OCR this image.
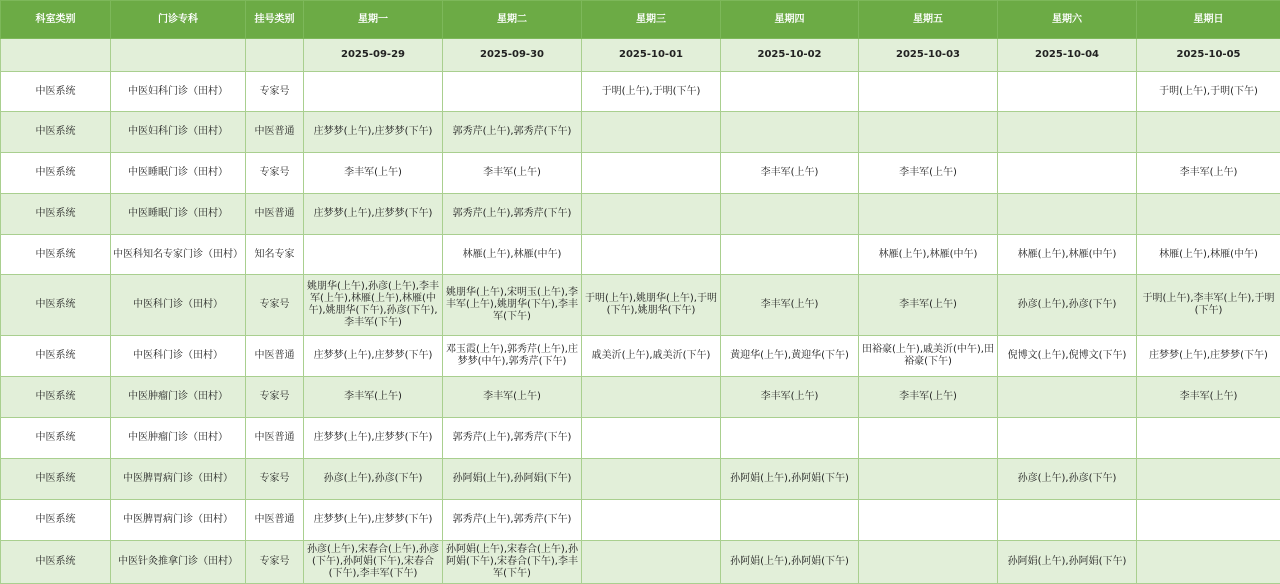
科室类别	门诊专科	挂号类别	星期一	星期二	星期三	星期四	星期五	星期六	星期日
			2025-09-29	2025-09-30	2025-10-01	2025-10-02	2025-10-03	2025-10-04	2025-10-05
中医系统	中医妇科门诊（田村）	专家号			于明(上午),于明(下午)				于明(上午),于明(下午)
中医系统	中医妇科门诊（田村）	中医普通	庄梦梦(上午),庄梦梦(下午)	郭秀芹(上午),郭秀芹(下午)					
中医系统	中医睡眠门诊（田村）	专家号	李丰军(上午)	李丰军(上午)		李丰军(上午)	李丰军(上午)		李丰军(上午)
中医系统	中医睡眠门诊（田村）	中医普通	庄梦梦(上午),庄梦梦(下午)	郭秀芹(上午),郭秀芹(下午)					
中医系统	中医科知名专家门诊（田村）	知名专家		林雁(上午),林雁(中午)			林雁(上午),林雁(中午)	林雁(上午),林雁(中午)	林雁(上午),林雁(中午)
中医系统	中医科门诊（田村）	专家号	姚朋华(上午),孙彦(上午),李丰军(上午),林雁(上午),林雁(中午),姚朋华(下午),孙彦(下午),李丰军(下午)	姚朋华(上午),宋明玉(上午),李丰军(上午),姚朋华(下午),李丰军(下午)	于明(上午),姚朋华(上午),于明(下午),姚朋华(下午)	李丰军(上午)	李丰军(上午)	孙彦(上午),孙彦(下午)	于明(上午),李丰军(上午),于明(下午)
中医系统	中医科门诊（田村）	中医普通	庄梦梦(上午),庄梦梦(下午)	邓玉霞(上午),郭秀芹(上午),庄梦梦(中午),郭秀芹(下午)	戚美沂(上午),戚美沂(下午)	黄迎华(上午),黄迎华(下午)	田裕豪(上午),戚美沂(中午),田裕豪(下午)	倪博文(上午),倪博文(下午)	庄梦梦(上午),庄梦梦(下午)
中医系统	中医肿瘤门诊（田村）	专家号	李丰军(上午)	李丰军(上午)		李丰军(上午)	李丰军(上午)		李丰军(上午)
中医系统	中医肿瘤门诊（田村）	中医普通	庄梦梦(上午),庄梦梦(下午)	郭秀芹(上午),郭秀芹(下午)					
中医系统	中医脾胃病门诊（田村）	专家号	孙彦(上午),孙彦(下午)	孙阿娟(上午),孙阿娟(下午)		孙阿娟(上午),孙阿娟(下午)		孙彦(上午),孙彦(下午)	
中医系统	中医脾胃病门诊（田村）	中医普通	庄梦梦(上午),庄梦梦(下午)	郭秀芹(上午),郭秀芹(下午)					
中医系统	中医针灸推拿门诊（田村）	专家号	孙彦(上午),宋春合(上午),孙彦(下午),孙阿娟(下午),宋春合(下午),李丰军(下午)	孙阿娟(上午),宋春合(上午),孙阿娟(下午),宋春合(下午),李丰军(下午)		孙阿娟(上午),孙阿娟(下午)		孙阿娟(上午),孙阿娟(下午)	
